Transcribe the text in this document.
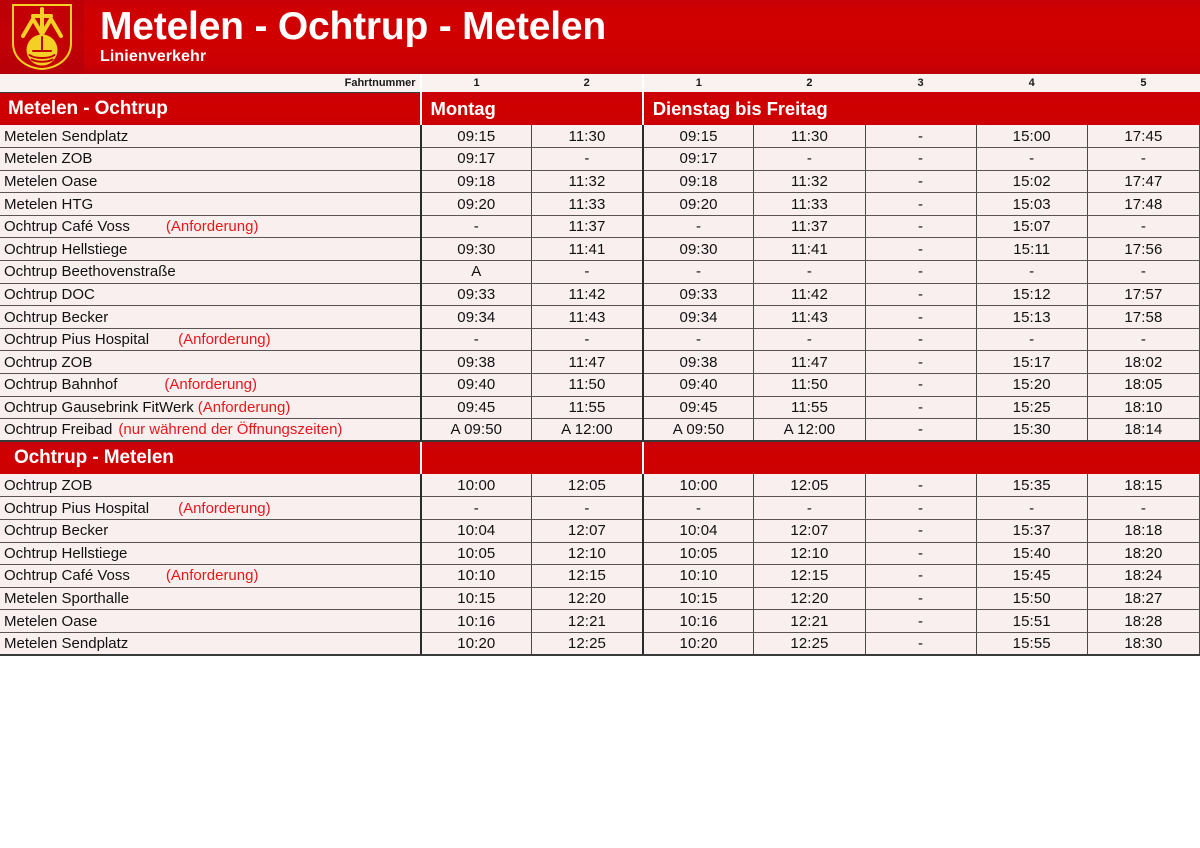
Metelen - Ochtrup - Metelen
Linienverkehr
Fahrtnummer	1	2	1	2	3	4	5
Metelen - Ochtrup	Montag		Dienstag bis Freitag				
Metelen Sendplatz	09:15	11:30	09:15	11:30	-	15:00	17:45
Metelen ZOB	09:17	-	09:17	-	-	-	-
Metelen Oase	09:18	11:32	09:18	11:32	-	15:02	17:47
Metelen HTG	09:20	11:33	09:20	11:33	-	15:03	17:48
Ochtrup Café Voss (Anforderung)	-	11:37	-	11:37	-	15:07	-
Ochtrup Hellstiege	09:30	11:41	09:30	11:41	-	15:11	17:56
Ochtrup Beethovenstraße	A	-	-	-	-	-	-
Ochtrup DOC	09:33	11:42	09:33	11:42	-	15:12	17:57
Ochtrup Becker	09:34	11:43	09:34	11:43	-	15:13	17:58
Ochtrup Pius Hospital (Anforderung)	-	-	-	-	-	-	-
Ochtrup ZOB	09:38	11:47	09:38	11:47	-	15:17	18:02
Ochtrup Bahnhof (Anforderung)	09:40	11:50	09:40	11:50	-	15:20	18:05
Ochtrup Gausebrink FitWerk (Anforderung)	09:45	11:55	09:45	11:55	-	15:25	18:10
Ochtrup Freibad (nur während der Öffnungszeiten)	A 09:50	A 12:00	A 09:50	A 12:00	-	15:30	18:14
Ochtrup - Metelen							
Ochtrup ZOB	10:00	12:05	10:00	12:05	-	15:35	18:15
Ochtrup Pius Hospital (Anforderung)	-	-	-	-	-	-	-
Ochtrup Becker	10:04	12:07	10:04	12:07	-	15:37	18:18
Ochtrup Hellstiege	10:05	12:10	10:05	12:10	-	15:40	18:20
Ochtrup Café Voss (Anforderung)	10:10	12:15	10:10	12:15	-	15:45	18:24
Metelen Sporthalle	10:15	12:20	10:15	12:20	-	15:50	18:27
Metelen Oase	10:16	12:21	10:16	12:21	-	15:51	18:28
Metelen Sendplatz	10:20	12:25	10:20	12:25	-	15:55	18:30
